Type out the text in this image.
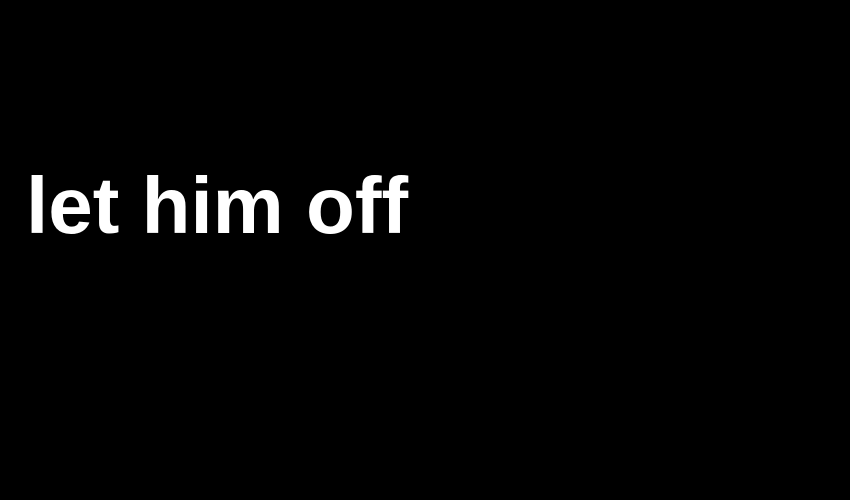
let him off
